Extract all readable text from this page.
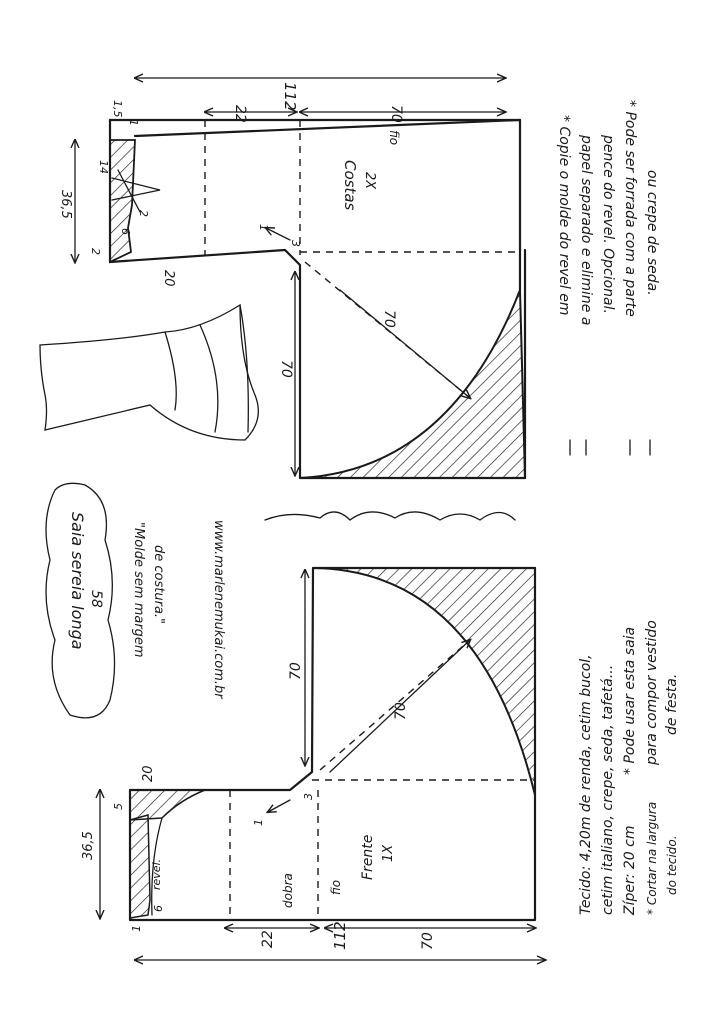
112
22	70
1,5
1
14
2
6
2
36,5
20
1
3
70
70
Costas 2X
fio
Marlene Mukai
Saia sereia longa 58 "Molde sem margem de costura."	www.marlenemukai.com.br
112
22	70
36,5
20
5
6
1
1
3
70
70
Frente 1X
fio
dobra
revel.	Tecido: 4,20m de renda, cetim bucol, cetim italiano, crepe, seda, tafetá... Zíper: 20 cm * Cortar na largura do tecido.
* Pode usar esta saia para compor vestido de festa.
* Copie o molde do revel em papel separado e elimine a pence do revel. Opcional. * Pode ser forrada com a parte ou crepe de seda.
